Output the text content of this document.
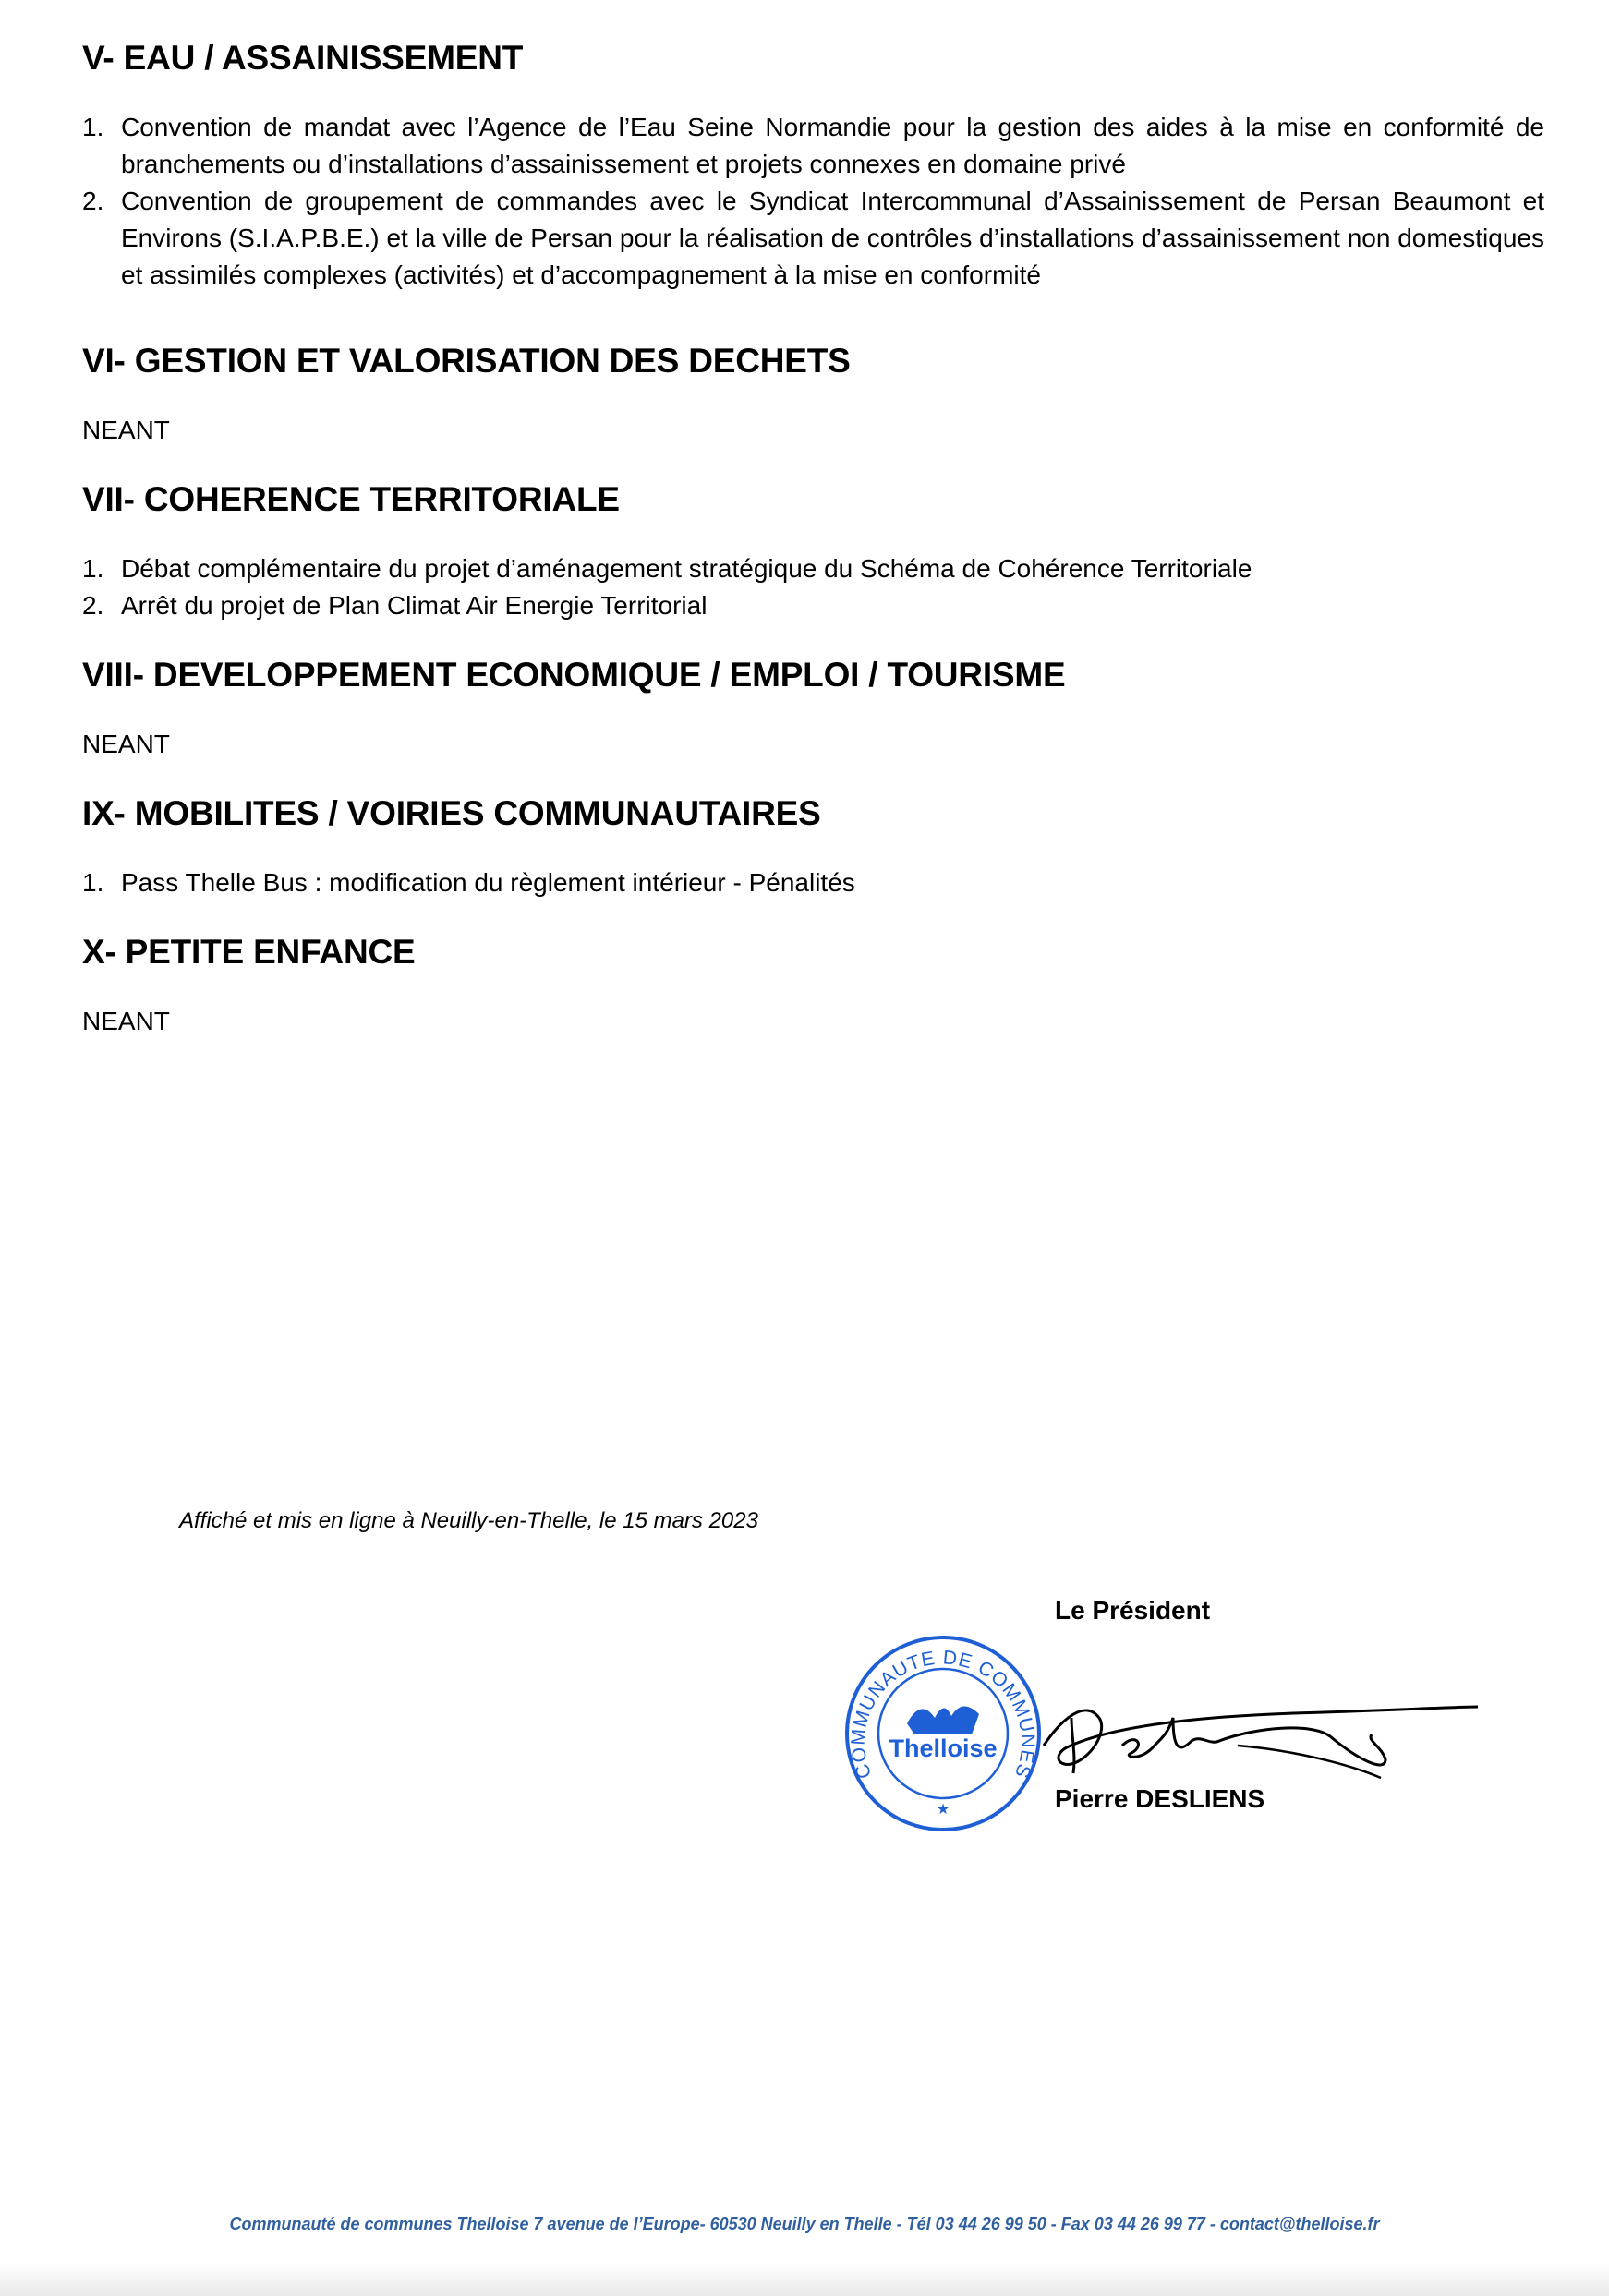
V- EAU / ASSAINISSEMENT
1. Convention de mandat avec l’Agence de l’Eau Seine Normandie pour la gestion des aides à la mise en conformité de branchements ou d’installations d’assainissement et projets connexes en domaine privé
2. Convention de groupement de commandes avec le Syndicat Intercommunal d’Assainissement de Persan Beaumont et Environs (S.I.A.P.B.E.) et la ville de Persan pour la réalisation de contrôles d’installations d’assainissement non domestiques et assimilés complexes (activités) et d’accompagnement à la mise en conformité
VI- GESTION ET VALORISATION DES DECHETS

NEANT

VII- COHERENCE TERRITORIALE
1. Débat complémentaire du projet d’aménagement stratégique du Schéma de Cohérence Territoriale
2. Arrêt du projet de Plan Climat Air Energie Territorial
VIII- DEVELOPPEMENT ECONOMIQUE / EMPLOI / TOURISME

NEANT

IX- MOBILITES / VOIRIES COMMUNAUTAIRES
1. Pass Thelle Bus : modification du règlement intérieur - Pénalités
X- PETITE ENFANCE

NEANT

Affiché et mis en ligne à Neuilly-en-Thelle, le 15 mars 2023
Le Président
COMMUNAUTE DE COMMUNES
Thelloise
★	Pierre DESLIENS
Communauté de communes Thelloise 7 avenue de l’Europe- 60530 Neuilly en Thelle - Tél 03 44 26 99 50 - Fax 03 44 26 99 77 - contact@thelloise.fr
